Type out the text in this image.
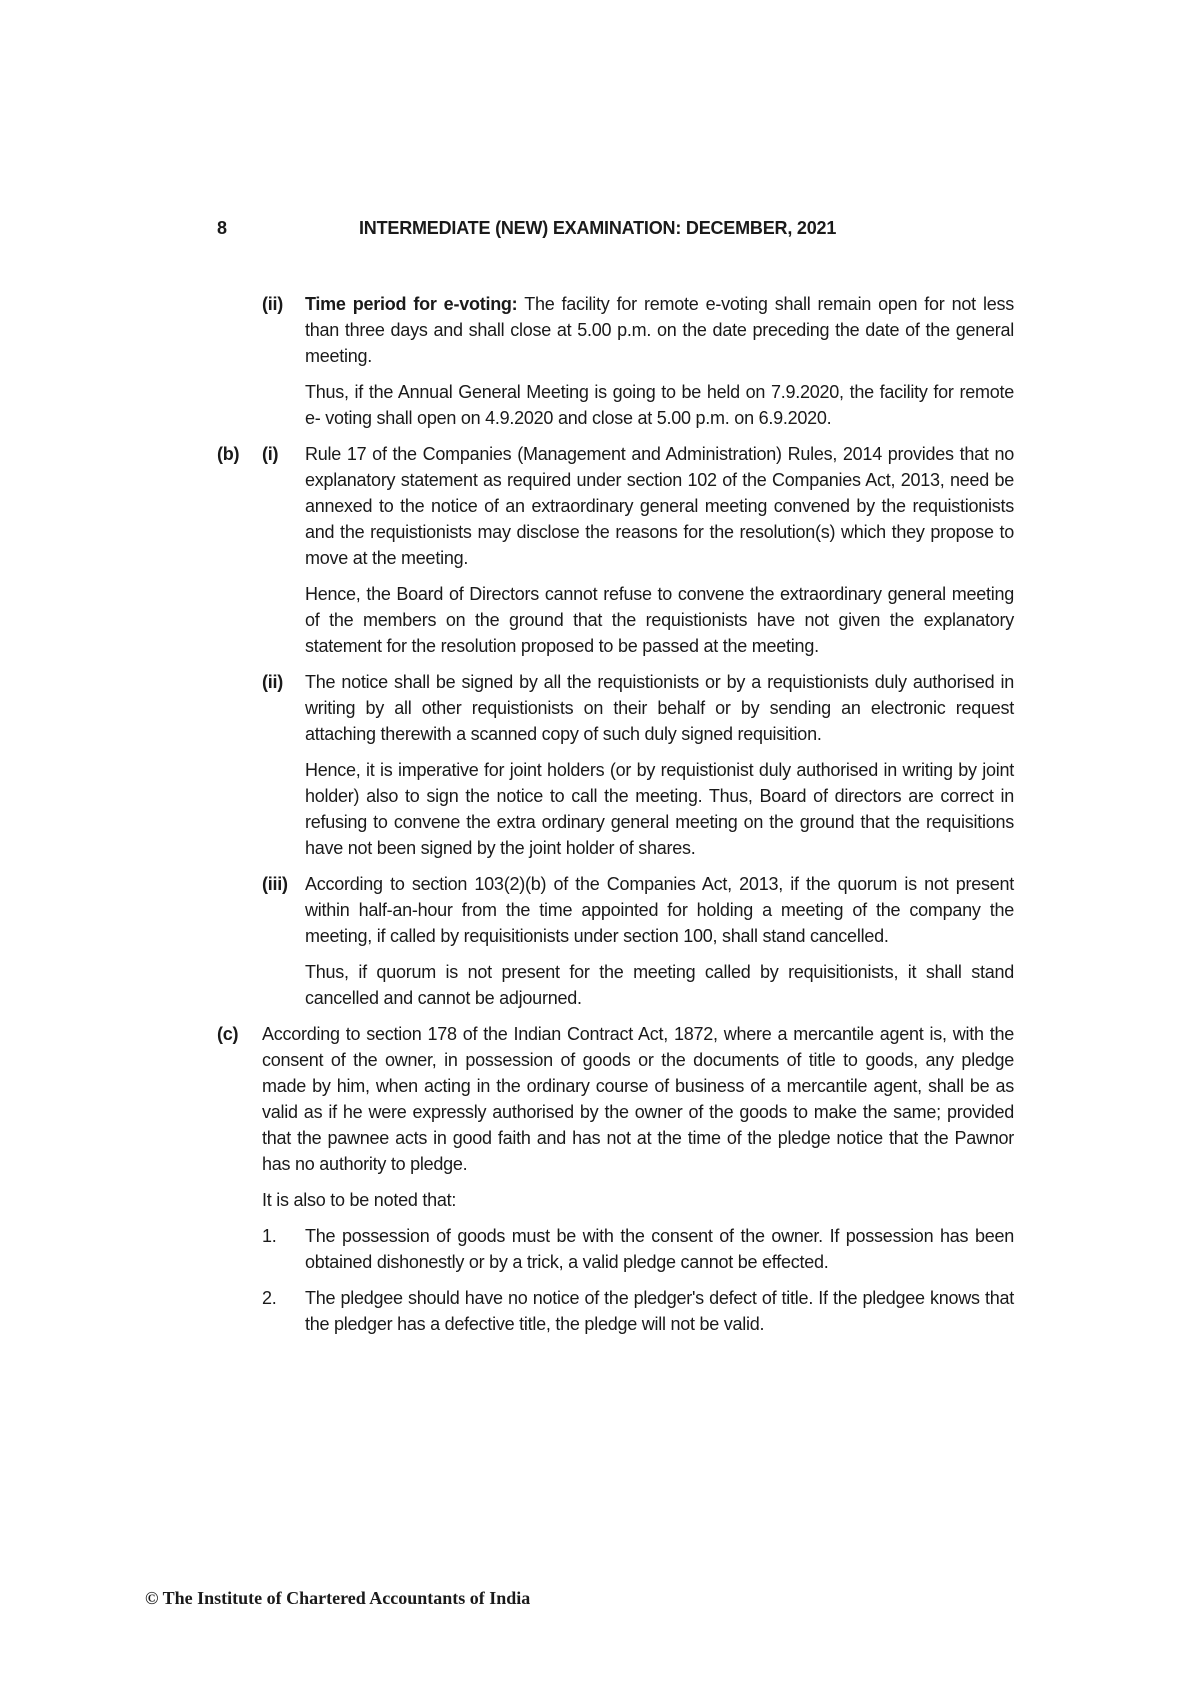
8	INTERMEDIATE (NEW) EXAMINATION: DECEMBER, 2021
(ii) Time period for e-voting: The facility for remote e-voting shall remain open for not less than three days and shall close at 5.00 p.m. on the date preceding the date of the general meeting.
Thus, if the Annual General Meeting is going to be held on 7.9.2020, the facility for remote e- voting shall open on 4.9.2020 and close at 5.00 p.m. on 6.9.2020.
(b) (i) Rule 17 of the Companies (Management and Administration) Rules, 2014 provides that no explanatory statement as required under section 102 of the Companies Act, 2013, need be annexed to the notice of an extraordinary general meeting convened by the requistionists and the requistionists may disclose the reasons for the resolution(s) which they propose to move at the meeting.
Hence, the Board of Directors cannot refuse to convene the extraordinary general meeting of the members on the ground that the requistionists have not given the explanatory statement for the resolution proposed to be passed at the meeting.
(ii) The notice shall be signed by all the requistionists or by a requistionists duly authorised in writing by all other requistionists on their behalf or by sending an electronic request attaching therewith a scanned copy of such duly signed requisition.
Hence, it is imperative for joint holders (or by requistionist duly authorised in writing by joint holder) also to sign the notice to call the meeting. Thus, Board of directors are correct in refusing to convene the extra ordinary general meeting on the ground that the requisitions have not been signed by the joint holder of shares.
(iii) According to section 103(2)(b) of the Companies Act, 2013, if the quorum is not present within half-an-hour from the time appointed for holding a meeting of the company the meeting, if called by requisitionists under section 100, shall stand cancelled.
Thus, if quorum is not present for the meeting called by requisitionists, it shall stand cancelled and cannot be adjourned.
(c) According to section 178 of the Indian Contract Act, 1872, where a mercantile agent is, with the consent of the owner, in possession of goods or the documents of title to goods, any pledge made by him, when acting in the ordinary course of business of a mercantile agent, shall be as valid as if he were expressly authorised by the owner of the goods to make the same; provided that the pawnee acts in good faith and has not at the time of the pledge notice that the Pawnor has no authority to pledge.
It is also to be noted that:
1. The possession of goods must be with the consent of the owner. If possession has been obtained dishonestly or by a trick, a valid pledge cannot be effected.
2. The pledgee should have no notice of the pledger's defect of title. If the pledgee knows that the pledger has a defective title, the pledge will not be valid.
© The Institute of Chartered Accountants of India
